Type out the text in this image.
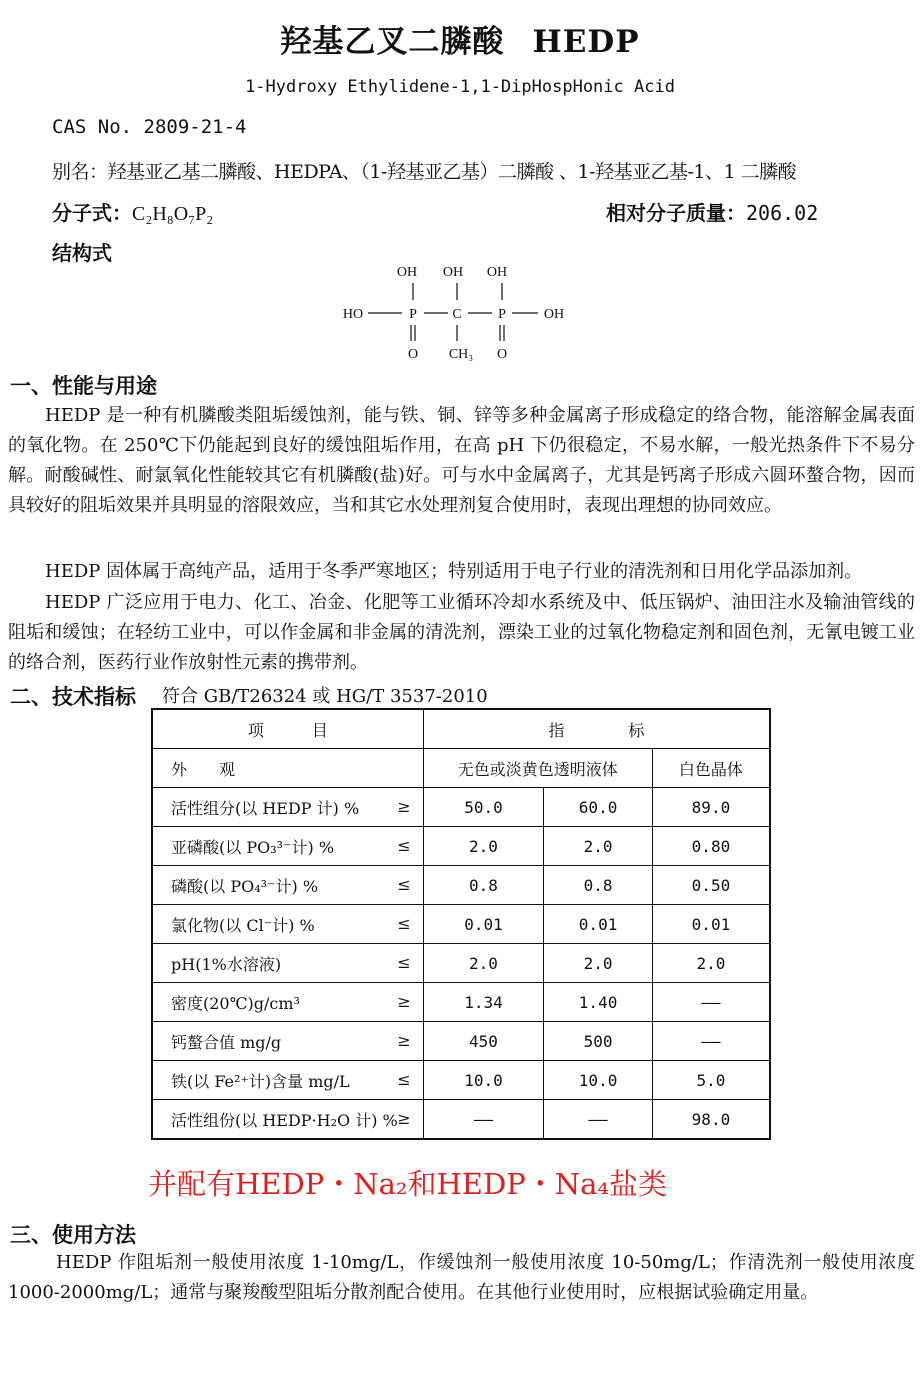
羟基乙叉二膦酸 HEDP
1-Hydroxy Ethylidene-1,1-DipHospHonic Acid
CAS No. 2809-21-4
别名：羟基亚乙基二膦酸、HEDPA、（1-羟基亚乙基）二膦酸 、1-羟基亚乙基-1、1 二膦酸
分子式：C₂H₈O₇P₂	相对分子质量：206.02
结构式
OH OH OH
HO	P	C	P	OH
O CH₃ O
一、性能与用途
HEDP 是一种有机膦酸类阻垢缓蚀剂，能与铁、铜、锌等多种金属离子形成稳定的络合物，能溶解金属表面的氧化物。在 250℃下仍能起到良好的缓蚀阻垢作用，在高 pH 下仍很稳定，不易水解，一般光热条件下不易分解。耐酸碱性、耐氯氧化性能较其它有机膦酸(盐)好。可与水中金属离子，尤其是钙离子形成六圆环螯合物，因而具较好的阻垢效果并具明显的溶限效应，当和其它水处理剂复合使用时，表现出理想的协同效应。
HEDP 固体属于高纯产品，适用于冬季严寒地区；特别适用于电子行业的清洗剂和日用化学品添加剂。
HEDP 广泛应用于电力、化工、冶金、化肥等工业循环冷却水系统及中、低压锅炉、油田注水及输油管线的阻垢和缓蚀；在轻纺工业中，可以作金属和非金属的清洗剂，漂染工业的过氧化物稳定剂和固色剂，无氰电镀工业的络合剂，医药行业作放射性元素的携带剂。
二、技术指标 符合 GB/T26324 或 HG/T 3537-2010
项　　　目	指　　　　标		
外　　观	无色或淡黄色透明液体		白色晶体
活性组分(以 HEDP 计) % ≥	50.0	60.0	89.0
亚磷酸(以 PO₃³⁻计) % ≤	2.0	2.0	0.80
磷酸(以 PO₄³⁻计) % ≤	0.8	0.8	0.50
氯化物(以 Cl⁻计) % ≤	0.01	0.01	0.01
pH(1%水溶液) ≤	2.0	2.0	2.0
密度(20℃)g/cm³ ≥	1.34	1.40	——
钙螯合值 mg/g ≥	450	500	——
铁(以 Fe²⁺计)含量 mg/L ≤	10.0	10.0	5.0
活性组份(以 HEDP·H₂O 计) % ≥	——	——	98.0
并配有HEDP・Na₂和HEDP・Na₄盐类
三、使用方法
HEDP 作阻垢剂一般使用浓度 1-10mg/L，作缓蚀剂一般使用浓度 10-50mg/L；作清洗剂一般使用浓度 1000-2000mg/L；通常与聚羧酸型阻垢分散剂配合使用。在其他行业使用时，应根据试验确定用量。
